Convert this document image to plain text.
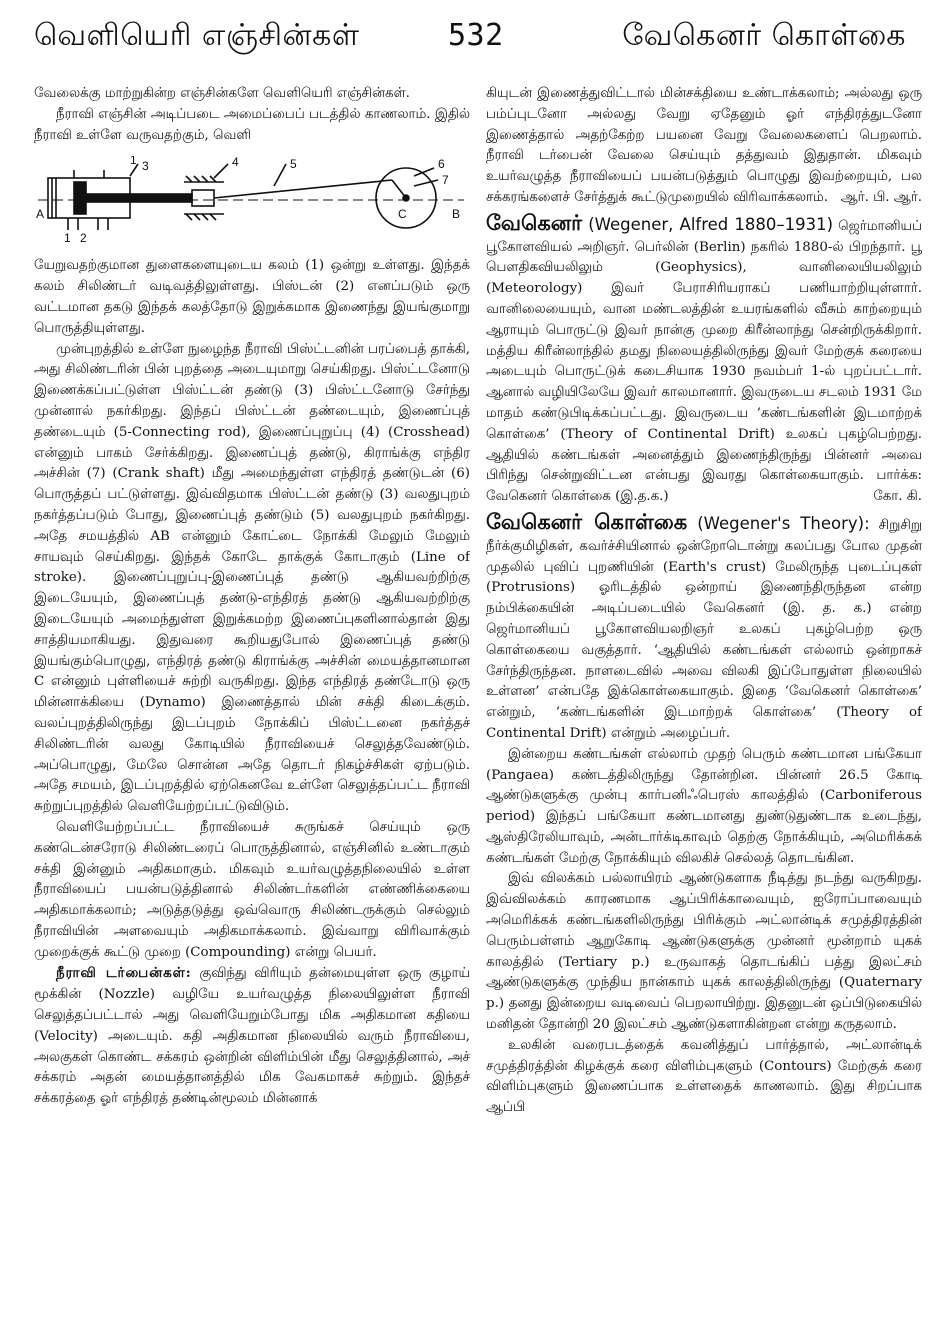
வெளியெரி எஞ்சின்கள்	532	வேகெனர் கொள்கை

வேலைக்கு மாற்றுகின்ற எஞ்சின்களே வெளியெரி எஞ்சின்கள்.

நீராவி எஞ்சின் அடிப்படை அமைப்பைப் படத்தில் காணலாம். இதில் நீராவி உள்ளே வருவதற்கும், வெளி

1
1 2
3	4	5	6
7
A	B
C

யேறுவதற்குமான துளைகளையுடைய கலம் (1) ஒன்று உள்ளது. இந்தக் கலம் சிலிண்டர் வடிவத்திலுள்ளது. பிஸ்டன் (2) எனப்படும் ஒரு வட்டமான தகடு இந்தக் கலத்தோடு இறுக்கமாக இணைந்து இயங்குமாறு பொருத்தியுள்ளது.

முன்புறத்தில் உள்ளே நுழைந்த நீராவி பிஸ்ட்டனின் பரப்பைத் தாக்கி, அது சிலிண்டரின் பின் புறத்தை அடையுமாறு செய்கிறது. பிஸ்ட்டனோடு இணைக்கப்பட்டுள்ள பிஸ்ட்டன் தண்டு (3) பிஸ்ட்டனோடு சேர்ந்து முன்னால் நகர்கிறது. இந்தப் பிஸ்ட்டன் தண்டையும், இணைப்புத் தண்டையும் (5-Connecting rod), இணைப்புறுப்பு (4) (Crosshead) என்னும் பாகம் சேர்க்கிறது. இணைப்புத் தண்டு, கிராங்க்கு எந்திர அச்சின் (7) (Crank shaft) மீது அமைந்துள்ள எந்திரத் தண்டுடன் (6) பொருத்தப் பட்டுள்ளது. இவ்விதமாக பிஸ்ட்டன் தண்டு (3) வலதுபுறம் நகர்த்தப்படும் போது, இணைப்புத் தண்டும் (5) வலதுபுறம் நகர்கிறது. அதே சமயத்தில் AB என்னும் கோட்டை நோக்கி மேலும் மேலும் சாயவும் செய்கிறது. இந்தக் கோடே தாக்குக் கோடாகும் (Line of stroke). இணைப்புறுப்பு-இணைப்புத் தண்டு ஆகியவற்றிற்கு இடையேயும், இணைப்புத் தண்டு-எந்திரத் தண்டு ஆகியவற்றிற்கு இடையேயும் அமைந்துள்ள இறுக்கமற்ற இணைப்புகளினால்தான் இது சாத்தியமாகியது. இதுவரை கூறியதுபோல் இணைப்புத் தண்டு இயங்கும்பொழுது, எந்திரத் தண்டு கிராங்க்கு அச்சின் மையத்தானமான C என்னும் புள்ளியைச் சுற்றி வருகிறது. இந்த எந்திரத் தண்டோடு ஒரு மின்னாக்கியை (Dynamo) இணைத்தால் மின் சக்தி கிடைக்கும். வலப்புறத்திலிருந்து இடப்புறம் நோக்கிப் பிஸ்ட்டனை நகர்த்தச் சிலிண்டரின் வலது கோடியில் நீராவியைச் செலுத்தவேண்டும். அப்பொழுது, மேலே சொன்ன அதே தொடர் நிகழ்ச்சிகள் ஏற்படும். அதே சமயம், இடப்புறத்தில் ஏற்கெனவே உள்ளே செலுத்தப்பட்ட நீராவி சுற்றுப்புறத்தில் வெளியேற்றப்பட்டுவிடும்.

வெளியேற்றப்பட்ட நீராவியைச் சுருங்கச் செய்யும் ஒரு கண்டென்சரோடு சிலிண்டரைப் பொருத்தினால், எஞ்சினில் உண்டாகும் சக்தி இன்னும் அதிகமாகும். மிகவும் உயர்வழுத்தநிலையில் உள்ள நீராவியைப் பயன்படுத்தினால் சிலிண்டர்களின் எண்ணிக்கையை அதிகமாக்கலாம்; அடுத்தடுத்து ஒவ்வொரு சிலிண்டருக்கும் செல்லும் நீராவியின் அளவையும் அதிகமாக்கலாம். இவ்வாறு விரிவாக்கும் முறைக்குக் கூட்டு முறை (Compounding) என்று பெயர்.

நீராவி டர்பைன்கள்: குவிந்து விரியும் தன்மையுள்ள ஒரு குழாய் மூக்கின் (Nozzle) வழியே உயர்வழுத்த நிலையிலுள்ள நீராவி செலுத்தப்பட்டால் அது வெளியேறும்போது மிக அதிகமான கதியை (Velocity) அடையும். கதி அதிகமான நிலையில் வரும் நீராவியை, அலகுகள் கொண்ட சக்கரம் ஒன்றின் விளிம்பின் மீது செலுத்தினால், அச் சக்கரம் அதன் மையத்தானத்தில் மிக வேகமாகச் சுற்றும். இந்தச் சக்கரத்தை ஓர் எந்திரத் தண்டின்மூலம் மின்னாக்

கியுடன் இணைத்துவிட்டால் மின்சக்தியை உண்டாக்கலாம்; அல்லது ஒரு பம்ப்புடனோ அல்லது வேறு ஏதேனும் ஓர் எந்திரத்துடனோ இணைத்தால் அதற்கேற்ற பயனை வேறு வேலைகளைப் பெறலாம். நீராவி டர்பைன் வேலை செய்யும் தத்துவம் இதுதான். மிகவும் உயர்வழுத்த நீராவியைப் பயன்படுத்தும் பொழுது இவற்றையும், பல சக்கரங்களைச் சேர்த்துக் கூட்டுமுறையில் விரிவாக்கலாம். ஆர். பி. ஆர்.

வேகெனர் (Wegener, Alfred 1880–1931) ஜெர்மானியப் பூகோளவியல் அறிஞர். பெர்லின் (Berlin) நகரில் 1880-ல் பிறந்தார். பூ பௌதிகவியலிலும் (Geophysics), வானிலையியலிலும் (Meteorology) இவர் பேராசிரியராகப் பணியாற்றியுள்ளார். வானிலையையும், வான மண்டலத்தின் உயரங்களில் வீசும் காற்றையும் ஆராயும் பொருட்டு இவர் நான்கு முறை கிரீன்லாந்து சென்றிருக்கிறார். மத்திய கிரீன்லாந்தில் தமது நிலையத்திலிருந்து இவர் மேற்குக் கரையை அடையும் பொருட்டுக் கடைசியாக 1930 நவம்பர் 1-ல் புறப்பட்டார். ஆனால் வழியிலேயே இவர் காலமானார். இவருடைய சடலம் 1931 மே மாதம் கண்டுபிடிக்கப்பட்டது. இவருடைய ‘கண்டங்களின் இடமாற்றக் கொள்கை’ (Theory of Continental Drift) உலகப் புகழ்பெற்றது. ஆதியில் கண்டங்கள் அனைத்தும் இணைந்திருந்து பின்னர் அவை பிரிந்து சென்றுவிட்டன என்பது இவரது கொள்கையாகும். பார்க்க: வேகெனர் கொள்கை (இ.த.க.)	கோ. கி.

வேகெனர் கொள்கை (Wegener's Theory): சிறுசிறு நீர்க்குமிழிகள், கவர்ச்சியினால் ஒன்றோடொன்று கலப்பது போல முதன் முதலில் புவிப் புறணியின் (Earth's crust) மேலிருந்த புடைப்புகள் (Protrusions) ஓரிடத்தில் ஒன்றாய் இணைந்திருந்தன என்ற நம்பிக்கையின் அடிப்படையில் வேகெனர் (இ. த. க.) என்ற ஜெர்மானியப் பூகோளவியலறிஞர் உலகப் புகழ்பெற்ற ஒரு கொள்கையை வகுத்தார். ‘ஆதியில் கண்டங்கள் எல்லாம் ஒன்றாகச் சேர்ந்திருந்தன. நாளடைவில் அவை விலகி இப்போதுள்ள நிலையில் உள்ளன’ என்பதே இக்கொள்கையாகும். இதை ‘வேகெனர் கொள்கை’ என்றும், ‘கண்டங்களின் இடமாற்றக் கொள்கை’ (Theory of Continental Drift) என்றும் அழைப்பர்.

இன்றைய கண்டங்கள் எல்லாம் முதற் பெரும் கண்டமான பங்கேயா (Pangaea) கண்டத்திலிருந்து தோன்றின. பின்னர் 26.5 கோடி ஆண்டுகளுக்கு முன்பு கார்பனிஃபெரஸ் காலத்தில் (Carboniferous period) இந்தப் பங்கேயா கண்டமானது துண்டுதுண்டாக உடைந்து, ஆஸ்திரேலியாவும், அன்டார்க்டிகாவும் தெற்கு நோக்கியும், அமெரிக்கக் கண்டங்கள் மேற்கு நோக்கியும் விலகிச் செல்லத் தொடங்கின.

இவ் விலக்கம் பல்லாயிரம் ஆண்டுகளாக நீடித்து நடந்து வருகிறது. இவ்விலக்கம் காரணமாக ஆப்பிரிக்காவையும், ஐரோப்பாவையும் அமெரிக்கக் கண்டங்களிலிருந்து பிரிக்கும் அட்லான்டிக் சமுத்திரத்தின் பெரும்பள்ளம் ஆறுகோடி ஆண்டுகளுக்கு முன்னர் மூன்றாம் யுகக் காலத்தில் (Tertiary p.) உருவாகத் தொடங்கிப் பத்து இலட்சம் ஆண்டுகளுக்கு முந்திய நான்காம் யுகக் காலத்திலிருந்து (Quaternary p.) தனது இன்றைய வடிவைப் பெறலாயிற்று. இதனுடன் ஒப்பிடுகையில் மனிதன் தோன்றி 20 இலட்சம் ஆண்டுகளாகின்றன என்று கருதலாம்.

உலகின் வரைபடத்தைக் கவனித்துப் பார்த்தால், அட்லான்டிக் சமுத்திரத்தின் கிழக்குக் கரை விளிம்புகளும் (Contours) மேற்குக் கரை விளிம்புகளும் இணைப்பாக உள்ளதைக் காணலாம். இது சிறப்பாக ஆப்பி
